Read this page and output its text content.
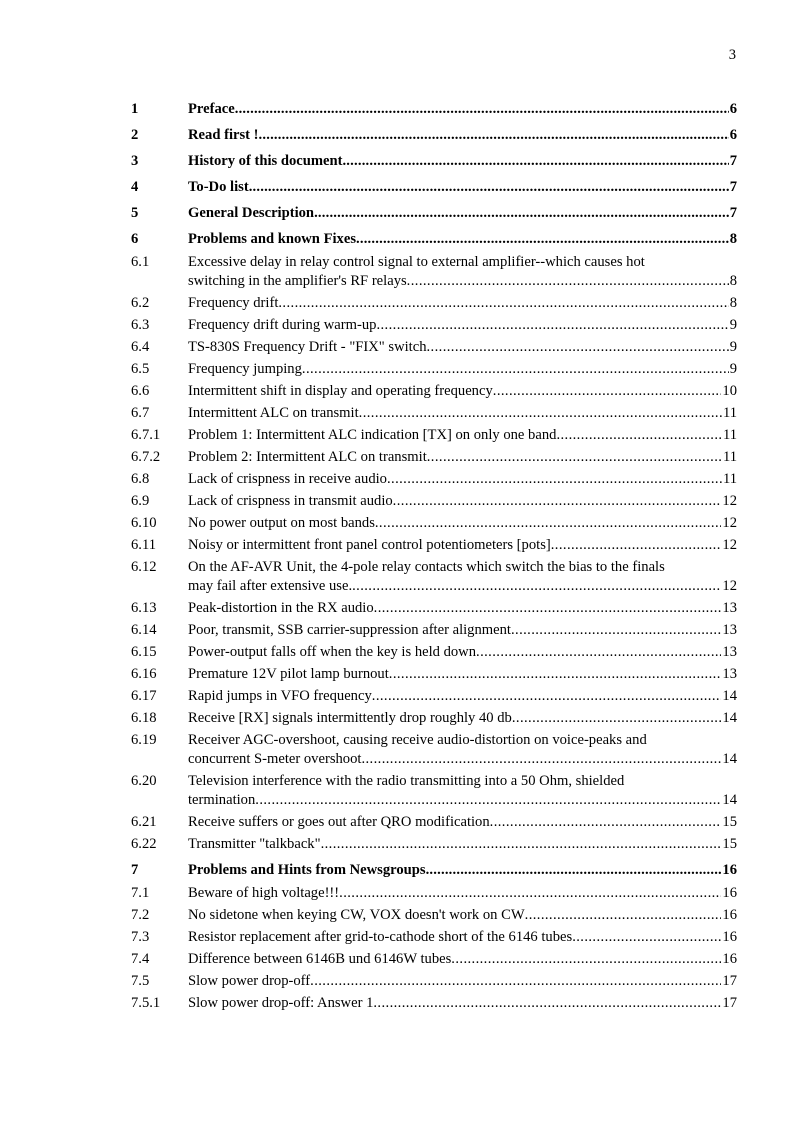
3
1	Preface .....	6
2	Read first ! .....	6
3	History of this document .....	7
4	To-Do list .....	7
5	General Description .....	7
6	Problems and known Fixes .....	8
6.1	Excessive delay in relay control signal to external amplifier--which causes hot
switching in the amplifier's RF relays .....	8
6.2	Frequency drift .....	8
6.3	Frequency drift during warm-up .....	9
6.4	TS-830S Frequency Drift - "FIX" switch .....	9
6.5	Frequency jumping .....	9
6.6	Intermittent shift in display and operating frequency .....	10
6.7	Intermittent ALC on transmit .....	11
6.7.1	Problem 1: Intermittent ALC indication [TX] on only one band .....	11
6.7.2	Problem 2: Intermittent ALC on transmit .....	11
6.8	Lack of crispness in receive audio .....	11
6.9	Lack of crispness in transmit audio .....	12
6.10	No power output on most bands .....	12
6.11	Noisy or intermittent front panel control potentiometers [pots] .....	12
6.12	On the AF-AVR Unit, the 4-pole relay contacts which switch the bias to the finals
may fail after extensive use. .....	12
6.13	Peak-distortion in the RX audio .....	13
6.14	Poor, transmit, SSB carrier-suppression after alignment .....	13
6.15	Power-output falls off when the key is held down .....	13
6.16	Premature 12V pilot lamp burnout .....	13
6.17	Rapid jumps in VFO frequency .....	14
6.18	Receive [RX] signals intermittently drop roughly 40 db .....	14
6.19	Receiver AGC-overshoot, causing receive audio-distortion on voice-peaks and
concurrent S-meter overshoot .....	14
6.20	Television interference with the radio transmitting into a 50 Ohm, shielded
termination .....	14
6.21	Receive suffers or goes out after QRO modification .....	15
6.22	Transmitter "talkback" .....	15
7	Problems and Hints from Newsgroups .....	16
7.1	Beware of high voltage!!! .....	16
7.2	No sidetone when keying CW, VOX doesn't work on CW .....	16
7.3	Resistor replacement after grid-to-cathode short of the 6146 tubes .....	16
7.4	Difference between 6146B und 6146W tubes .....	16
7.5	Slow power drop-off .....	17
7.5.1	Slow power drop-off: Answer 1 .....	17
